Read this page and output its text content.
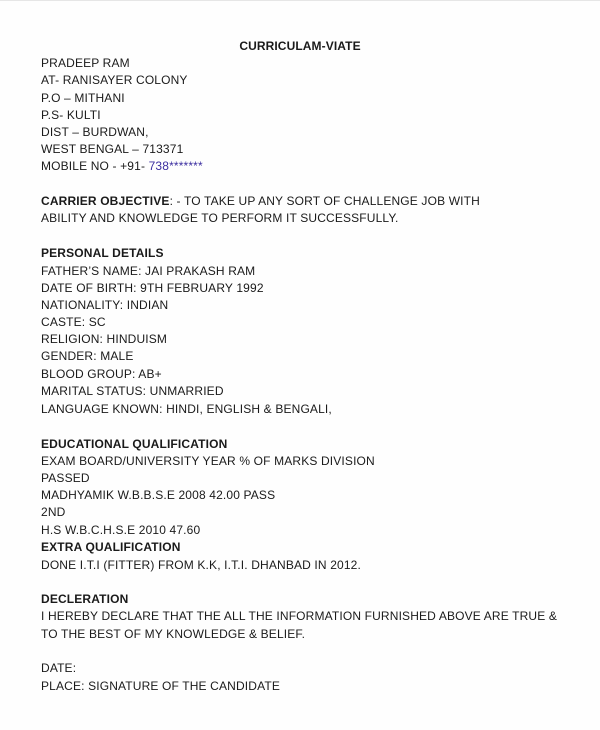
CURRICULAM-VIATE
PRADEEP RAM
AT- RANISAYER COLONY
P.O – MITHANI
P.S- KULTI
DIST – BURDWAN,
WEST BENGAL – 713371
MOBILE NO - +91- 738*******
CARRIER OBJECTIVE: - TO TAKE UP ANY SORT OF CHALLENGE JOB WITH
ABILITY AND KNOWLEDGE TO PERFORM IT SUCCESSFULLY.
PERSONAL DETAILS
FATHER’S NAME: JAI PRAKASH RAM
DATE OF BIRTH: 9TH FEBRUARY 1992
NATIONALITY: INDIAN
CASTE: SC
RELIGION: HINDUISM
GENDER: MALE
BLOOD GROUP: AB+
MARITAL STATUS: UNMARRIED
LANGUAGE KNOWN: HINDI, ENGLISH & BENGALI,
EDUCATIONAL QUALIFICATION
EXAM BOARD/UNIVERSITY YEAR % OF MARKS DIVISION
PASSED
MADHYAMIK W.B.B.S.E 2008 42.00 PASS
2ND
H.S W.B.C.H.S.E 2010 47.60
EXTRA QUALIFICATION
DONE I.T.I (FITTER) FROM K.K, I.T.I. DHANBAD IN 2012.
DECLERATION
I HEREBY DECLARE THAT THE ALL THE INFORMATION FURNISHED ABOVE ARE TRUE &
TO THE BEST OF MY KNOWLEDGE & BELIEF.
DATE:
PLACE: SIGNATURE OF THE CANDIDATE
